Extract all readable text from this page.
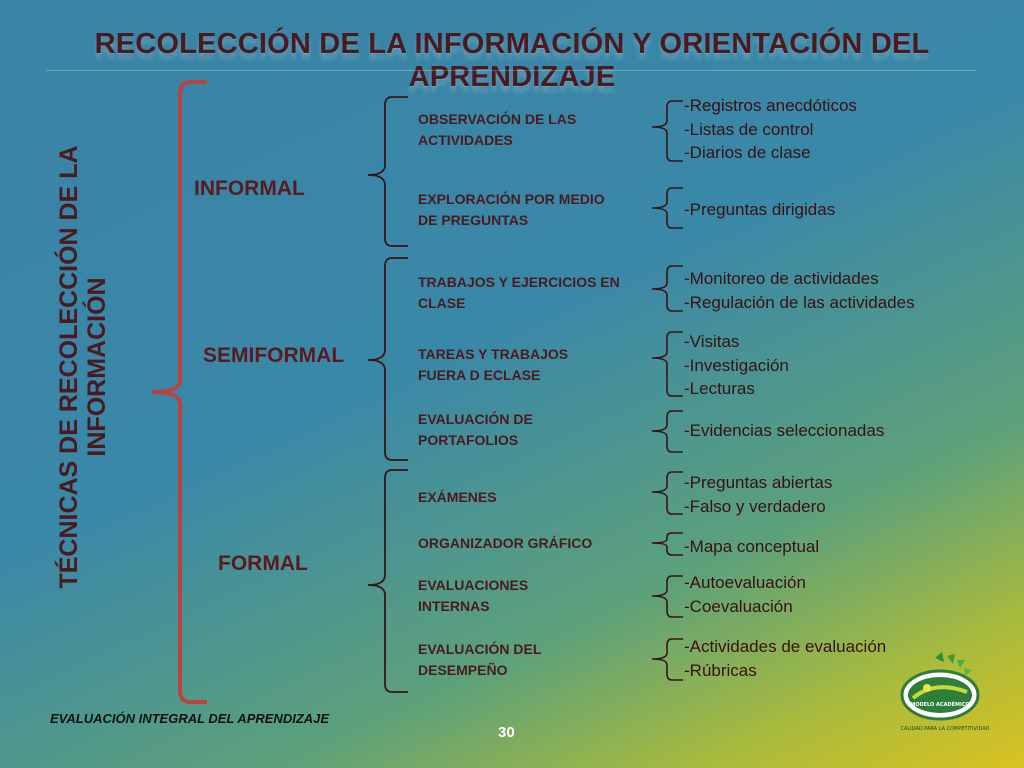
RECOLECCIÓN DE LA INFORMACIÓN Y ORIENTACIÓN DEL APRENDIZAJE
TÉCNICAS DE RECOLECCIÓN DE LA INFORMACIÓN
INFORMAL
SEMIFORMAL
FORMAL
OBSERVACIÓN DE LAS ACTIVIDADES
EXPLORACIÓN POR MEDIO DE PREGUNTAS
TRABAJOS Y EJERCICIOS EN CLASE
TAREAS Y TRABAJOS FUERA D ECLASE
EVALUACIÓN DE PORTAFOLIOS
EXÁMENES
ORGANIZADOR GRÁFICO
EVALUACIONES INTERNAS
EVALUACIÓN DEL DESEMPEÑO
-Registros anecdóticos
-Listas de control
-Diarios de clase
-Preguntas dirigidas
-Monitoreo de actividades
-Regulación de las actividades
-Visitas
-Investigación
-Lecturas
-Evidencias seleccionadas
-Preguntas abiertas
-Falso y verdadero
-Mapa conceptual
-Autoevaluación
-Coevaluación
-Actividades de evaluación
-Rúbricas
EVALUACIÓN INTEGRAL DEL APRENDIZAJE
30
MODELO ACADÉMICO
CALIDAD PARA LA COMPETITIVIDAD
